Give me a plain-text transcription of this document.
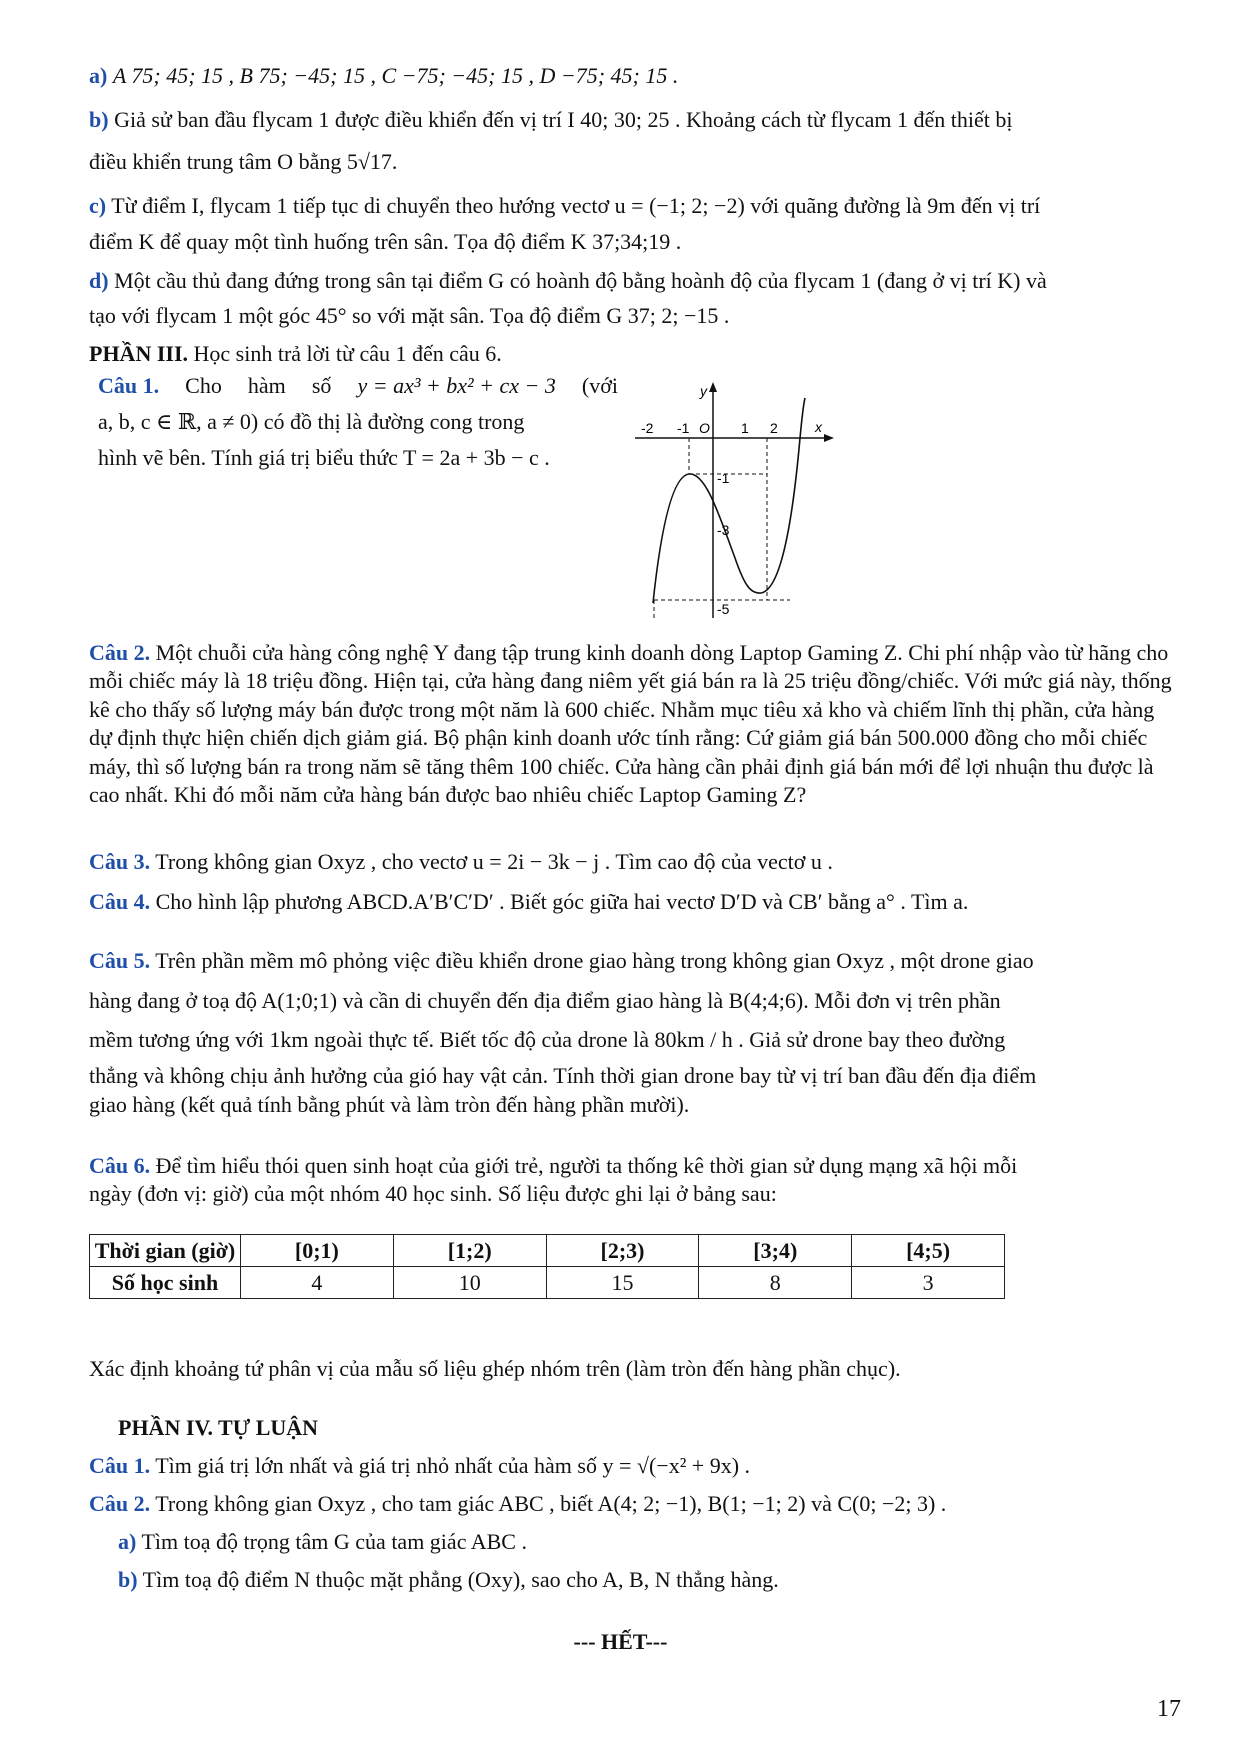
a) A 75; 45; 15 , B 75; −45; 15 , C −75; −45; 15 , D −75; 45; 15 .
b) Giả sử ban đầu flycam 1 được điều khiển đến vị trí I 40; 30; 25 . Khoảng cách từ flycam 1 đến thiết bị
điều khiển trung tâm O bằng 5√17.
c) Từ điểm I, flycam 1 tiếp tục di chuyển theo hướng vectơ u = (−1; 2; −2) với quãng đường là 9m đến vị trí
điểm K để quay một tình huống trên sân. Tọa độ điểm K 37;34;19 .
d) Một cầu thủ đang đứng trong sân tại điểm G có hoành độ bằng hoành độ của flycam 1 (đang ở vị trí K) và
tạo với flycam 1 một góc 45° so với mặt sân. Tọa độ điểm G 37; 2; −15 .
PHẦN III. Học sinh trả lời từ câu 1 đến câu 6.
Câu 1. Cho hàm số y = ax³ + bx² + cx − 3 (với
a, b, c ∈ ℝ, a ≠ 0) có đồ thị là đường cong trong
hình vẽ bên. Tính giá trị biểu thức T = 2a + 3b − c .
y
x
O
-2 -1	1 2
-1
-3
-5
Câu 2. Một chuỗi cửa hàng công nghệ Y đang tập trung kinh doanh dòng Laptop Gaming Z. Chi phí nhập vào từ hãng cho mỗi chiếc máy là 18 triệu đồng. Hiện tại, cửa hàng đang niêm yết giá bán ra là 25 triệu đồng/chiếc. Với mức giá này, thống kê cho thấy số lượng máy bán được trong một năm là 600 chiếc. Nhằm mục tiêu xả kho và chiếm lĩnh thị phần, cửa hàng dự định thực hiện chiến dịch giảm giá. Bộ phận kinh doanh ước tính rằng: Cứ giảm giá bán 500.000 đồng cho mỗi chiếc máy, thì số lượng bán ra trong năm sẽ tăng thêm 100 chiếc. Cửa hàng cần phải định giá bán mới để lợi nhuận thu được là cao nhất. Khi đó mỗi năm cửa hàng bán được bao nhiêu chiếc Laptop Gaming Z?
Câu 3. Trong không gian Oxyz , cho vectơ u = 2i − 3k − j . Tìm cao độ của vectơ u .
Câu 4. Cho hình lập phương ABCD.A′B′C′D′ . Biết góc giữa hai vectơ D′D và CB′ bằng a° . Tìm a.
Câu 5. Trên phần mềm mô phỏng việc điều khiển drone giao hàng trong không gian Oxyz , một drone giao
hàng đang ở toạ độ A(1;0;1) và cần di chuyển đến địa điểm giao hàng là B(4;4;6). Mỗi đơn vị trên phần
mềm tương ứng với 1km ngoài thực tế. Biết tốc độ của drone là 80km / h . Giả sử drone bay theo đường
thẳng và không chịu ảnh hưởng của gió hay vật cản. Tính thời gian drone bay từ vị trí ban đầu đến địa điểm
giao hàng (kết quả tính bằng phút và làm tròn đến hàng phần mười).
Câu 6. Để tìm hiểu thói quen sinh hoạt của giới trẻ, người ta thống kê thời gian sử dụng mạng xã hội mỗi
ngày (đơn vị: giờ) của một nhóm 40 học sinh. Số liệu được ghi lại ở bảng sau:
Thời gian (giờ)	[0;1)	[1;2)	[2;3)	[3;4)	[4;5)
Số học sinh	4	10	15	8	3
Xác định khoảng tứ phân vị của mẫu số liệu ghép nhóm trên (làm tròn đến hàng phần chục).
PHẦN IV. TỰ LUẬN
Câu 1. Tìm giá trị lớn nhất và giá trị nhỏ nhất của hàm số y = √(−x² + 9x) .
Câu 2. Trong không gian Oxyz , cho tam giác ABC , biết A(4; 2; −1), B(1; −1; 2) và C(0; −2; 3) .
a) Tìm toạ độ trọng tâm G của tam giác ABC .
b) Tìm toạ độ điểm N thuộc mặt phẳng (Oxy), sao cho A, B, N thẳng hàng.
--- HẾT---
17
